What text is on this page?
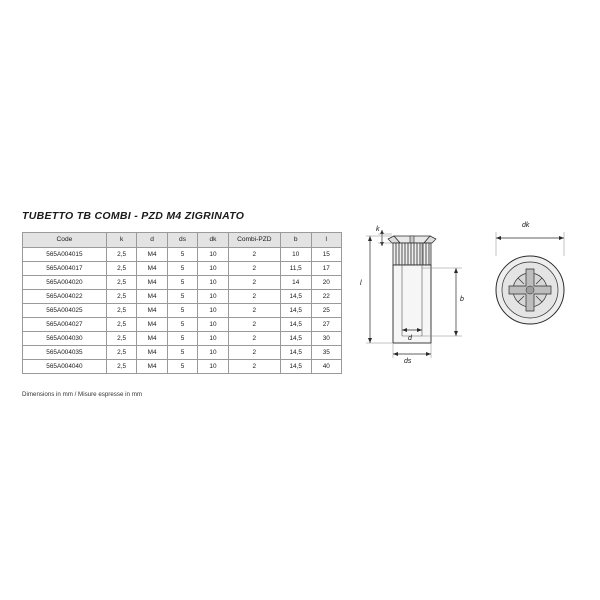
TUBETTO TB COMBI - PZD M4 ZIGRINATO
Code	k	d	ds	dk	Combi-PZD	b	l
565A004015	2,5	M4	5	10	2	10	15
565A004017	2,5	M4	5	10	2	11,5	17
565A004020	2,5	M4	5	10	2	14	20
565A004022	2,5	M4	5	10	2	14,5	22
565A004025	2,5	M4	5	10	2	14,5	25
565A004027	2,5	M4	5	10	2	14,5	27
565A004030	2,5	M4	5	10	2	14,5	30
565A004035	2,5	M4	5	10	2	14,5	35
565A004040	2,5	M4	5	10	2	14,5	40
Dimensions in mm / Misure espresse in mm
k
l
b
d
ds
dk
